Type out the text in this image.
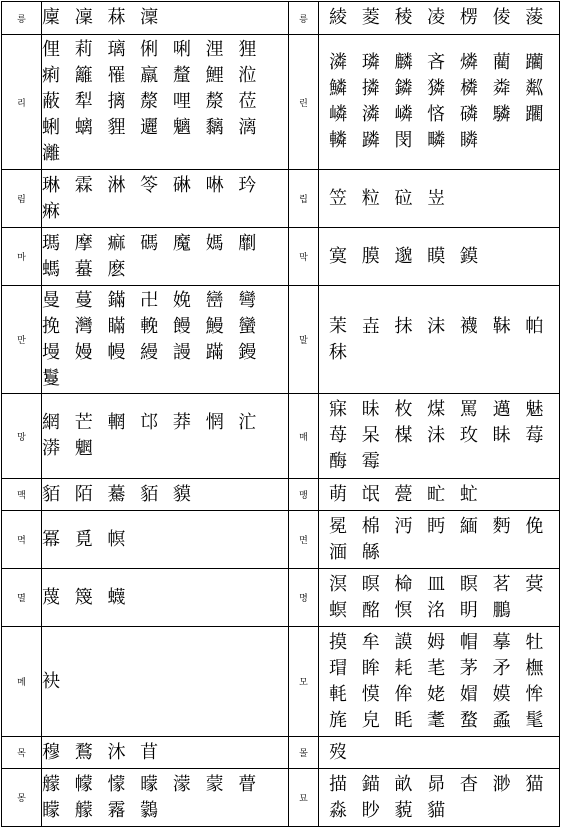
릉	廩 凜 菻 澟	릉	綾 菱 稜 凌 楞 倰 蔆
리	俚 莉 璃 俐 唎 浬 狸 痢 籬 罹 羸 釐 鯉 涖 蔽 犁 摛 漦 哩 漦 莅 蜊 螭 貍 邐 魑 黐 漓 灕	린	潾 璘 麟 吝 燐 藺 躪 鱗 撛 鏻 獜 橉 粦 粼 嶙 潾 嶙 悋 磷 驎 躙 轔 蹸 閔 疄 瞵
림	琳 霖 淋 笭 碄 啉 玪 痳	립	笠 粒 砬 岦
마	瑪 摩 痲 碼 魔 媽 劘 螞 蟇 麽	막	寞 膜 邈 瞙 鏌
만	曼 蔓 鏋 卍 娩 巒 彎 挽 灣 瞞 輓 饅 鰻 蠻 墁 嫚 幔 縵 謾 蹣 鏝 鬘	말	茉 壵 抹 沫 襪 靺 帕 秣
망	網 芒 輞 邙 莽 惘 汒 漭 魍	매	寐 昧 枚 煤 罵 邁 魅 苺 呆 楳 沬 玫 眛 莓 酶 霉
맥	貊 陌 驀 貊 貘	맹	萌 氓 甍 甿 虻
멱	冪 覓 幎	면	冕 棉 沔 眄 緬 麪 俛 湎 緜
멸	蔑 篾 蠛	명	溟 暝 椧 皿 瞑 茗 蓂 螟 酩 慏 洺 眀 鵬
메	袂	모	摸 牟 謨 姆 帽 摹 牡 瑁 眸 耗 芼 茅 矛 橅 軞 慔 侔 姥 媢 嫫 恈 旄 皃 眊 耄 蝥 蟊 髦
목	穆 鶩 沐 苜	몰	歿
몽	艨 幪 懞 曚 濛 蒙 瞢 矇 艨 霿 鸏	묘	描 錨 畝 昴 杳 渺 猫 淼 眇 藐 貓
